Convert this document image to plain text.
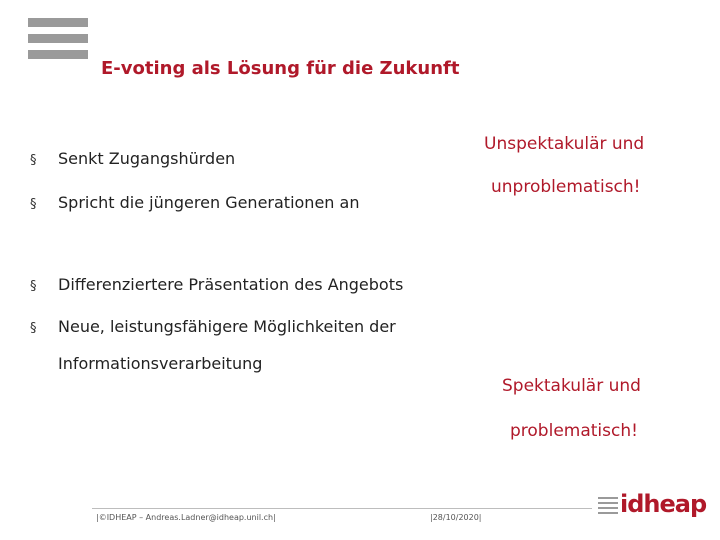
E-voting als Lösung für die Zukunft
§ Senkt Zugangshürden
§ Spricht die jüngeren Generationen an
§ Differenziertere Präsentation des Angebots
§ Neue, leistungsfähigere Möglichkeiten der
Informationsverarbeitung
Unspektakulär und
unproblematisch!
Spektakulär und
problematisch!
|©IDHEAP – Andreas.Ladner@idheap.unil.ch|	|28/10/2020|	idheap
